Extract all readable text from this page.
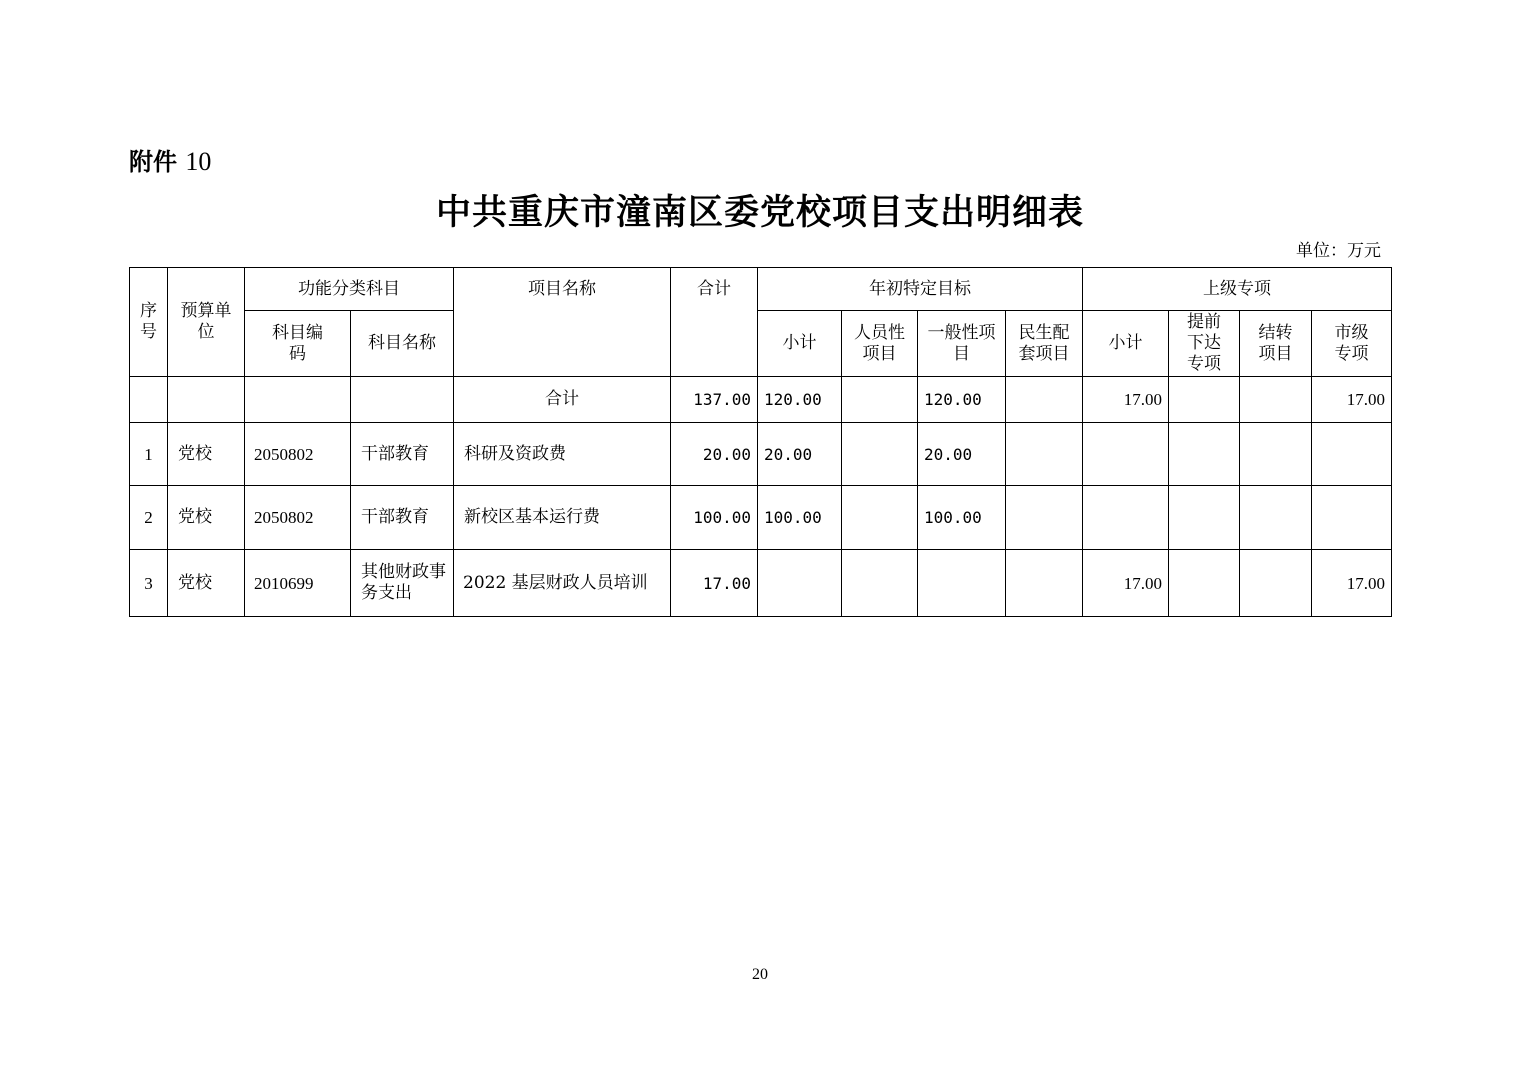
附件 10
中共重庆市潼南区委党校项目支出明细表
单位：万元
序号	预算单位	功能分类科目		项目名称	合计	年初特定目标				上级专项			
		科目编码	科目名称			小计	人员性项目	一般性项目	民生配套项目	小计	提前下达专项	结转项目	市级专项
				合计	137.00	120.00		120.00		17.00			17.00
1	党校	2050802	干部教育	科研及资政费	20.00	20.00		20.00					
2	党校	2050802	干部教育	新校区基本运行费	100.00	100.00		100.00					
3	党校	2010699	其他财政事务支出	2022 基层财政人员培训	17.00					17.00			17.00
20
